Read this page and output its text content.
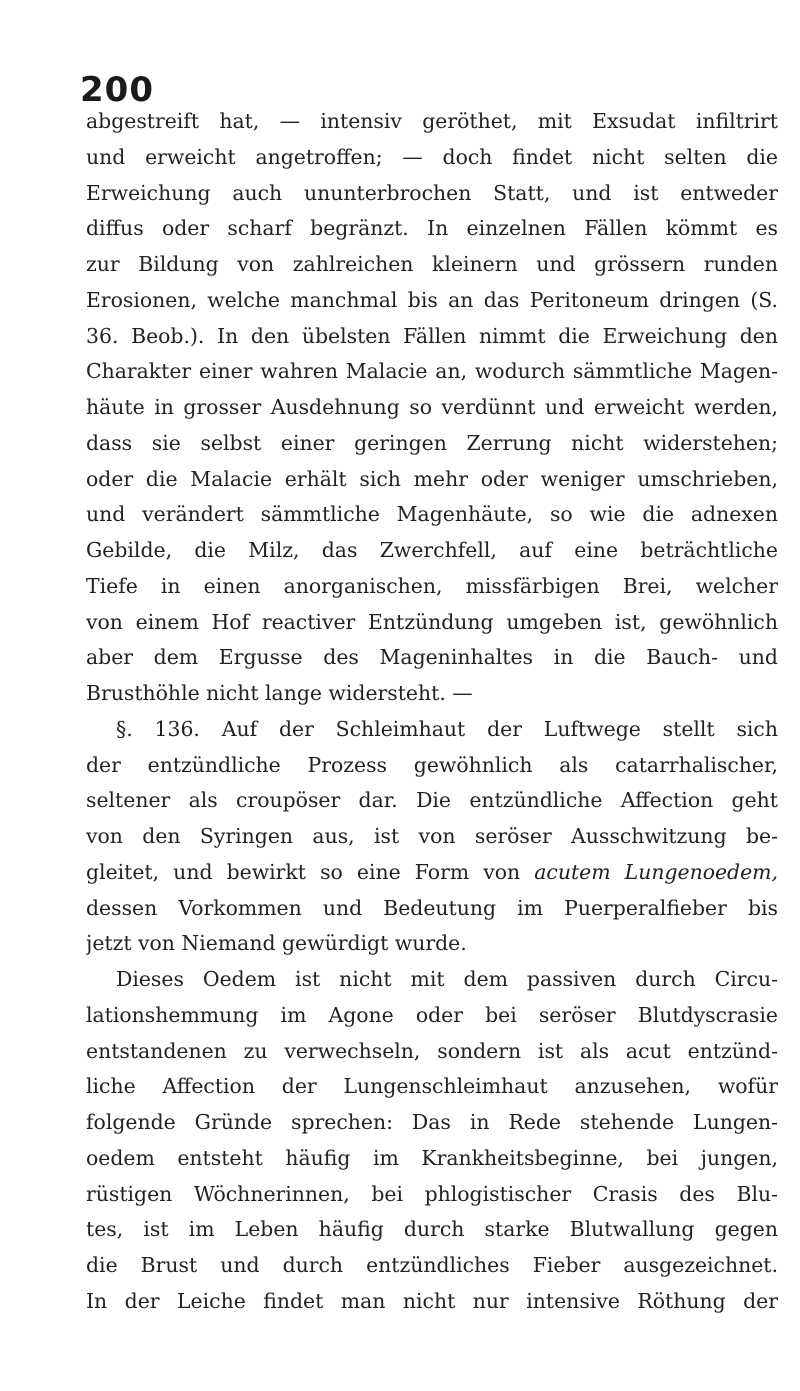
200
abgestreift hat, — intensiv geröthet, mit Exsudat infiltrirt
und erweicht angetroffen; — doch findet nicht selten die
Erweichung auch ununterbrochen Statt, und ist entweder
diffus oder scharf begränzt. In einzelnen Fällen kömmt es
zur Bildung von zahlreichen kleinern und grössern runden
Erosionen, welche manchmal bis an das Peritoneum dringen (S.
36. Beob.). In den übelsten Fällen nimmt die Erweichung den
Charakter einer wahren Malacie an, wodurch sämmtliche Magen-
häute in grosser Ausdehnung so verdünnt und erweicht werden,
dass sie selbst einer geringen Zerrung nicht widerstehen;
oder die Malacie erhält sich mehr oder weniger umschrieben,
und verändert sämmtliche Magenhäute, so wie die adnexen
Gebilde, die Milz, das Zwerchfell, auf eine beträchtliche
Tiefe in einen anorganischen, missfärbigen Brei, welcher
von einem Hof reactiver Entzündung umgeben ist, gewöhnlich
aber dem Ergusse des Mageninhaltes in die Bauch- und
Brusthöhle nicht lange widersteht. —
§. 136. Auf der Schleimhaut der Luftwege stellt sich
der entzündliche Prozess gewöhnlich als catarrhalischer,
seltener als croupöser dar. Die entzündliche Affection geht
von den Syringen aus, ist von seröser Ausschwitzung be-
gleitet, und bewirkt so eine Form von acutem Lungenoedem,
dessen Vorkommen und Bedeutung im Puerperalfieber bis
jetzt von Niemand gewürdigt wurde.
Dieses Oedem ist nicht mit dem passiven durch Circu-
lationshemmung im Agone oder bei seröser Blutdyscrasie
entstandenen zu verwechseln, sondern ist als acut entzünd-
liche Affection der Lungenschleimhaut anzusehen, wofür
folgende Gründe sprechen: Das in Rede stehende Lungen-
oedem entsteht häufig im Krankheitsbeginne, bei jungen,
rüstigen Wöchnerinnen, bei phlogistischer Crasis des Blu-
tes, ist im Leben häufig durch starke Blutwallung gegen
die Brust und durch entzündliches Fieber ausgezeichnet.
In der Leiche findet man nicht nur intensive Röthung der
